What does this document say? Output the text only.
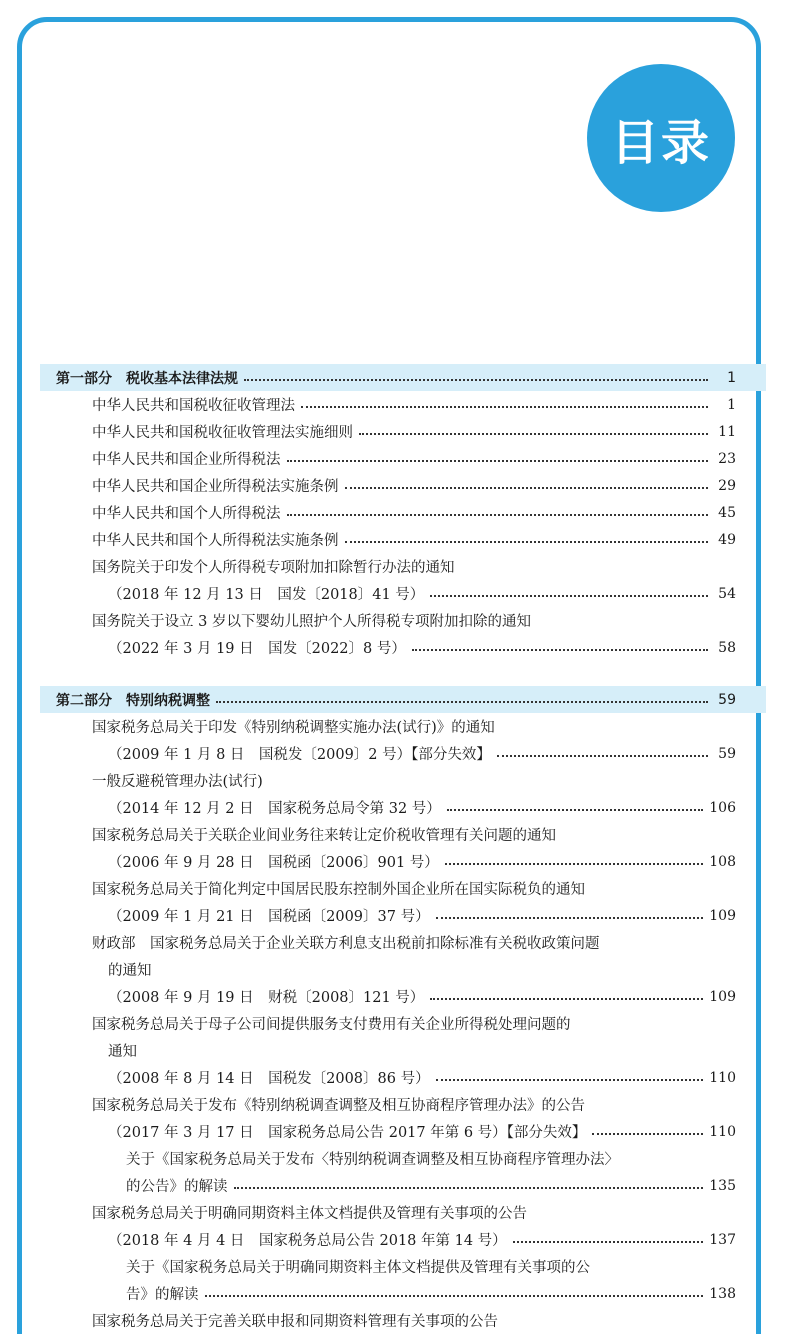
目录
第一部分　税收基本法律法规	1
中华人民共和国税收征收管理法	1
中华人民共和国税收征收管理法实施细则	11
中华人民共和国企业所得税法	23
中华人民共和国企业所得税法实施条例	29
中华人民共和国个人所得税法	45
中华人民共和国个人所得税法实施条例	49
国务院关于印发个人所得税专项附加扣除暂行办法的通知
（2018 年 12 月 13 日　国发〔2018〕41 号）	54
国务院关于设立 3 岁以下婴幼儿照护个人所得税专项附加扣除的通知
（2022 年 3 月 19 日　国发〔2022〕8 号）	58
第二部分　特别纳税调整	59
国家税务总局关于印发《特别纳税调整实施办法(试行)》的通知
（2009 年 1 月 8 日　国税发〔2009〕2 号）【部分失效】	59
一般反避税管理办法(试行)
（2014 年 12 月 2 日　国家税务总局令第 32 号）	106
国家税务总局关于关联企业间业务往来转让定价税收管理有关问题的通知
（2006 年 9 月 28 日　国税函〔2006〕901 号）	108
国家税务总局关于简化判定中国居民股东控制外国企业所在国实际税负的通知
（2009 年 1 月 21 日　国税函〔2009〕37 号）	109
财政部　国家税务总局关于企业关联方利息支出税前扣除标准有关税收政策问题
的通知
（2008 年 9 月 19 日　财税〔2008〕121 号）	109
国家税务总局关于母子公司间提供服务支付费用有关企业所得税处理问题的
通知
（2008 年 8 月 14 日　国税发〔2008〕86 号）	110
国家税务总局关于发布《特别纳税调查调整及相互协商程序管理办法》的公告
（2017 年 3 月 17 日　国家税务总局公告 2017 年第 6 号）【部分失效】	110
关于《国家税务总局关于发布〈特别纳税调查调整及相互协商程序管理办法〉
的公告》的解读	135
国家税务总局关于明确同期资料主体文档提供及管理有关事项的公告
（2018 年 4 月 4 日　国家税务总局公告 2018 年第 14 号）	137
关于《国家税务总局关于明确同期资料主体文档提供及管理有关事项的公
告》的解读	138
国家税务总局关于完善关联申报和同期资料管理有关事项的公告
